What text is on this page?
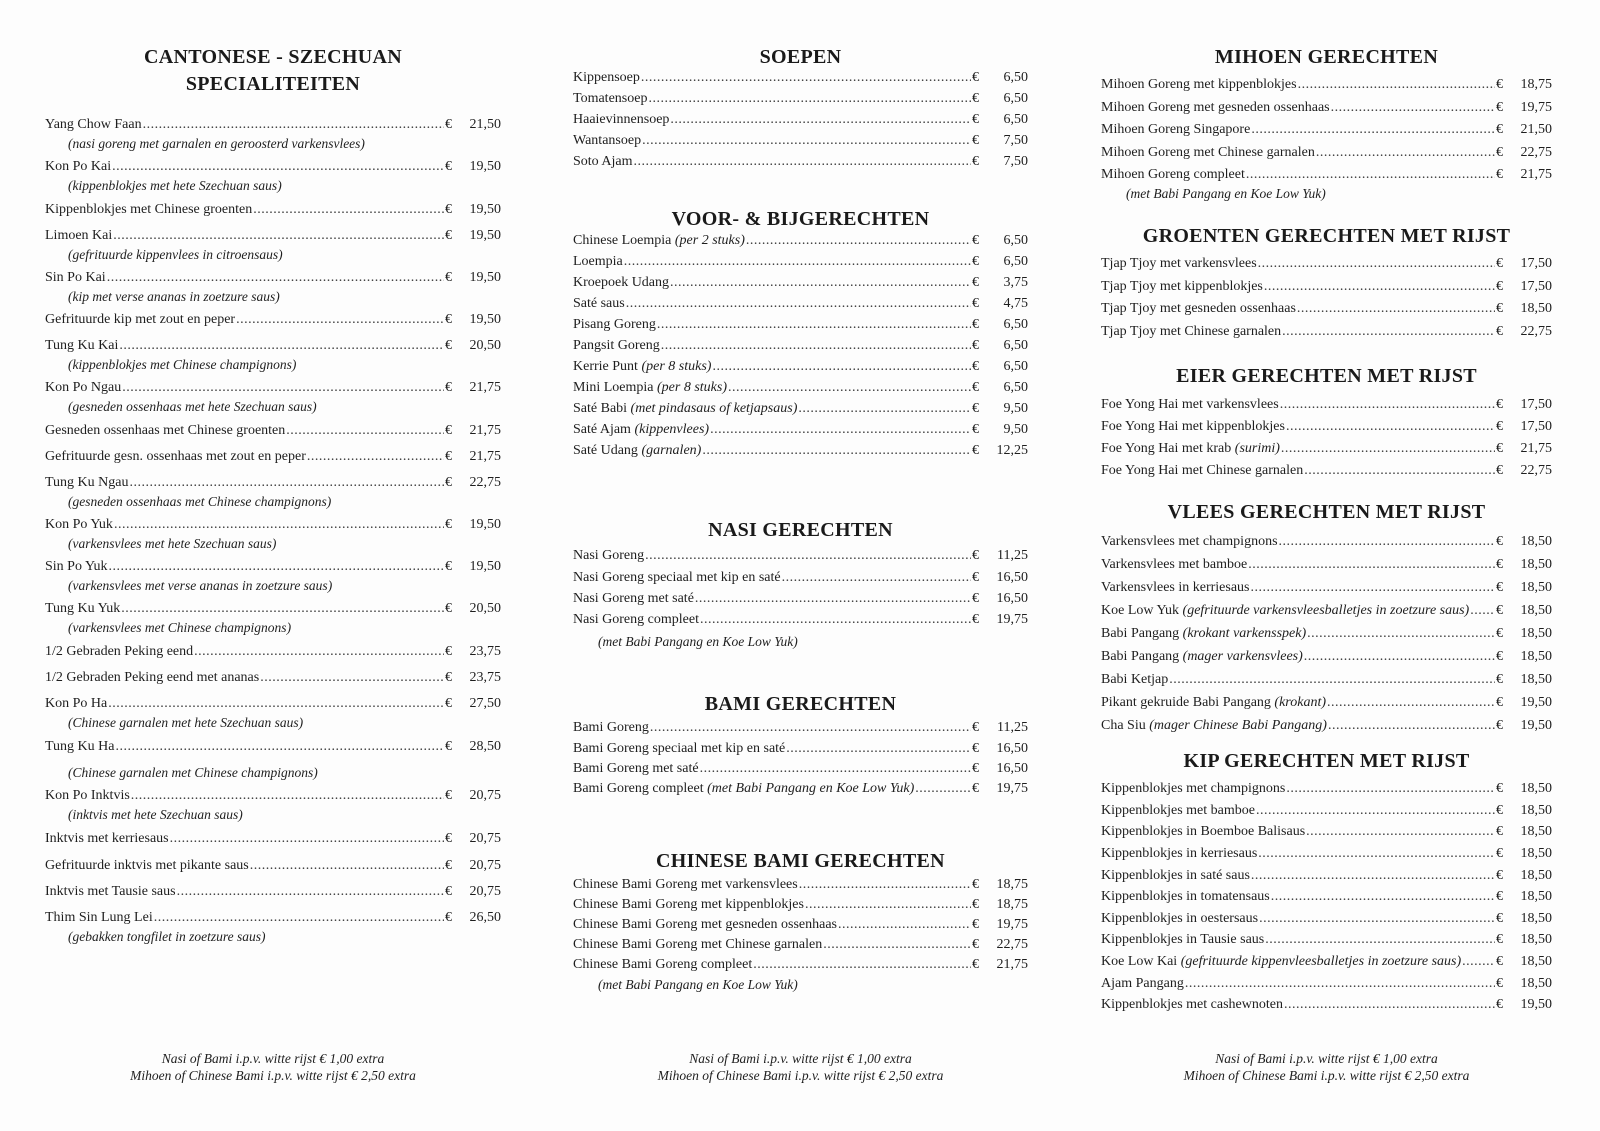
CANTONESE - SZECHUAN
SPECIALITEITEN
Yang Chow Faan .....	€	21,50
(nasi goreng met garnalen en geroosterd varkensvlees)
Kon Po Kai .....	€	19,50
(kippenblokjes met hete Szechuan saus)
Kippenblokjes met Chinese groenten .....	€	19,50
Limoen Kai .....	€	19,50
(gefrituurde kippenvlees in citroensaus)
Sin Po Kai .....	€	19,50
(kip met verse ananas in zoetzure saus)
Gefrituurde kip met zout en peper .....	€	19,50
Tung Ku Kai .....	€	20,50
(kippenblokjes met Chinese champignons)
Kon Po Ngau .....	€	21,75
(gesneden ossenhaas met hete Szechuan saus)
Gesneden ossenhaas met Chinese groenten .....	€	21,75
Gefrituurde gesn. ossenhaas met zout en peper .....	€	21,75
Tung Ku Ngau .....	€	22,75
(gesneden ossenhaas met Chinese champignons)
Kon Po Yuk .....	€	19,50
(varkensvlees met hete Szechuan saus)
Sin Po Yuk .....	€	19,50
(varkensvlees met verse ananas in zoetzure saus)
Tung Ku Yuk .....	€	20,50
(varkensvlees met Chinese champignons)
1/2 Gebraden Peking eend .....	€	23,75
1/2 Gebraden Peking eend met ananas .....	€	23,75
Kon Po Ha .....	€	27,50
(Chinese garnalen met hete Szechuan saus)
Tung Ku Ha .....	€	28,50
(Chinese garnalen met Chinese champignons)
Kon Po Inktvis .....	€	20,75
(inktvis met hete Szechuan saus)
Inktvis met kerriesaus .....	€	20,75
Gefrituurde inktvis met pikante saus .....	€	20,75
Inktvis met Tausie saus .....	€	20,75
Thim Sin Lung Lei .....	€	26,50
(gebakken tongfilet in zoetzure saus)
Nasi of Bami i.p.v. witte rijst € 1,00 extra
Mihoen of Chinese Bami i.p.v. witte rijst € 2,50 extra
SOEPEN
Kippensoep .....	€	6,50
Tomatensoep .....	€	6,50
Haaievinnensoep .....	€	6,50
Wantansoep .....	€	7,50
Soto Ajam .....	€	7,50
VOOR- & BIJGERECHTEN
Chinese Loempia (per 2 stuks) .....	€	6,50
Loempia .....	€	6,50
Kroepoek Udang .....	€	3,75
Saté saus .....	€	4,75
Pisang Goreng .....	€	6,50
Pangsit Goreng .....	€	6,50
Kerrie Punt (per 8 stuks) .....	€	6,50
Mini Loempia (per 8 stuks) .....	€	6,50
Saté Babi (met pindasaus of ketjapsaus) .....	€	9,50
Saté Ajam (kippenvlees) .....	€	9,50
Saté Udang (garnalen) .....	€	12,25
NASI GERECHTEN
Nasi Goreng .....	€	11,25
Nasi Goreng speciaal met kip en saté .....	€	16,50
Nasi Goreng met saté .....	€	16,50
Nasi Goreng compleet .....	€	19,75
(met Babi Pangang en Koe Low Yuk)
BAMI GERECHTEN
Bami Goreng .....	€	11,25
Bami Goreng speciaal met kip en saté .....	€	16,50
Bami Goreng met saté .....	€	16,50
Bami Goreng compleet (met Babi Pangang en Koe Low Yuk) .....	€	19,75
CHINESE BAMI GERECHTEN
Chinese Bami Goreng met varkensvlees .....	€	18,75
Chinese Bami Goreng met kippenblokjes .....	€	18,75
Chinese Bami Goreng met gesneden ossenhaas .....	€	19,75
Chinese Bami Goreng met Chinese garnalen .....	€	22,75
Chinese Bami Goreng compleet .....	€	21,75
(met Babi Pangang en Koe Low Yuk)
Nasi of Bami i.p.v. witte rijst € 1,00 extra
Mihoen of Chinese Bami i.p.v. witte rijst € 2,50 extra
MIHOEN GERECHTEN
Mihoen Goreng met kippenblokjes .....	€	18,75
Mihoen Goreng met gesneden ossenhaas .....	€	19,75
Mihoen Goreng Singapore .....	€	21,50
Mihoen Goreng met Chinese garnalen .....	€	22,75
Mihoen Goreng compleet .....	€	21,75
(met Babi Pangang en Koe Low Yuk)
GROENTEN GERECHTEN MET RIJST
Tjap Tjoy met varkensvlees .....	€	17,50
Tjap Tjoy met kippenblokjes .....	€	17,50
Tjap Tjoy met gesneden ossenhaas .....	€	18,50
Tjap Tjoy met Chinese garnalen .....	€	22,75
EIER GERECHTEN MET RIJST
Foe Yong Hai met varkensvlees .....	€	17,50
Foe Yong Hai met kippenblokjes .....	€	17,50
Foe Yong Hai met krab (surimi) .....	€	21,75
Foe Yong Hai met Chinese garnalen .....	€	22,75
VLEES GERECHTEN MET RIJST
Varkensvlees met champignons .....	€	18,50
Varkensvlees met bamboe .....	€	18,50
Varkensvlees in kerriesaus .....	€	18,50
Koe Low Yuk (gefrituurde varkensvleesballetjes in zoetzure saus) ..... €	18,50
Babi Pangang (krokant varkensspek) .....	€	18,50
Babi Pangang (mager varkensvlees) .....	€	18,50
Babi Ketjap .....	€	18,50
Pikant gekruide Babi Pangang (krokant) .....	€	19,50
Cha Siu (mager Chinese Babi Pangang) .....	€	19,50
KIP GERECHTEN MET RIJST
Kippenblokjes met champignons .....	€	18,50
Kippenblokjes met bamboe .....	€	18,50
Kippenblokjes in Boemboe Balisaus .....	€	18,50
Kippenblokjes in kerriesaus .....	€	18,50
Kippenblokjes in saté saus .....	€	18,50
Kippenblokjes in tomatensaus .....	€	18,50
Kippenblokjes in oestersaus .....	€	18,50
Kippenblokjes in Tausie saus .....	€	18,50
Koe Low Kai (gefrituurde kippenvleesballetjes in zoetzure saus) ..... €	18,50
Ajam Pangang .....	€	18,50
Kippenblokjes met cashewnoten .....	€	19,50
Nasi of Bami i.p.v. witte rijst € 1,00 extra
Mihoen of Chinese Bami i.p.v. witte rijst € 2,50 extra
